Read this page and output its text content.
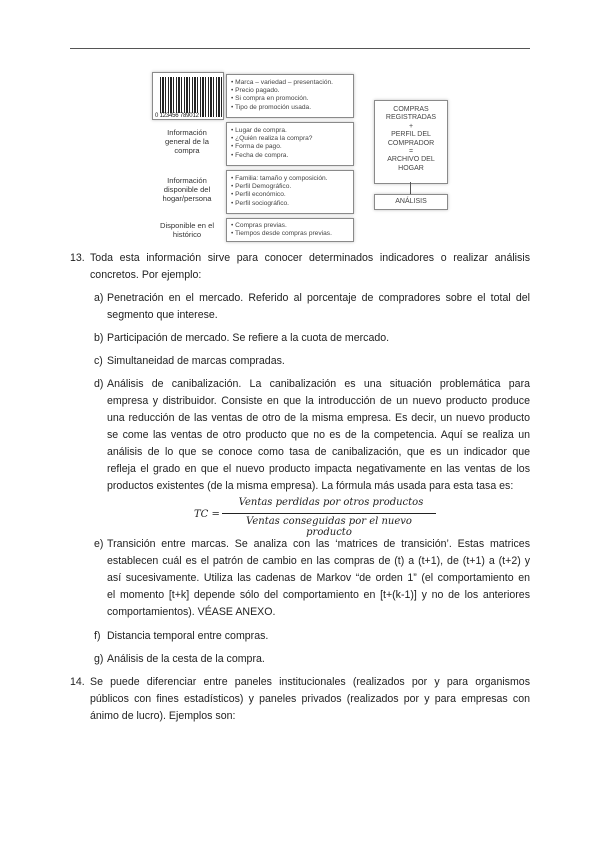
0 123456 789012
• Marca – variedad – presentación.
• Precio pagado.
• Si compra en promoción.
• Tipo de promoción usada.
Información
general de la
compra
• Lugar de compra.
• ¿Quién realiza la compra?
• Forma de pago.
• Fecha de compra.
Información
disponible del
hogar/persona
• Familia: tamaño y composición.
• Perfil Demográfico.
• Perfil económico.
• Perfil sociográfico.
Disponible en el
histórico
• Compras previas.
• Tiempos desde compras previas.
COMPRAS
REGISTRADAS
+
PERFIL DEL
COMPRADOR
=
ARCHIVO DEL
HOGAR
ANÁLISIS
13. Toda esta información sirve para conocer determinados indicadores o realizar análisis
concretos. Por ejemplo:
a) Penetración en el mercado. Referido al porcentaje de compradores sobre el total del
segmento que interese.
b) Participación de mercado. Se refiere a la cuota de mercado.
c) Simultaneidad de marcas compradas.
d) Análisis de canibalización. La canibalización es una situación problemática para
empresa y distribuidor. Consiste en que la introducción de un nuevo producto produce
una reducción de las ventas de otro de la misma empresa. Es decir, un nuevo producto
se come las ventas de otro producto que no es de la competencia. Aquí se realiza un
análisis de lo que se conoce como tasa de canibalización, que es un indicador que
refleja el grado en que el nuevo producto impacta negativamente en las ventas de los
productos existentes (de la misma empresa). La fórmula más usada para esta tasa es:
TC =
Ventas perdidas por otros productos
Ventas conseguidas por el nuevo producto
e) Transición entre marcas. Se analiza con las ‘matrices de transición’. Estas matrices
establecen cuál es el patrón de cambio en las compras de (t) a (t+1), de (t+1) a (t+2) y
así sucesivamente. Utiliza las cadenas de Markov “de orden 1” (el comportamiento en
el momento [t+k] depende sólo del comportamiento en [t+(k-1)] y no de los anteriores
comportamientos). VÉASE ANEXO.
f) Distancia temporal entre compras.
g) Análisis de la cesta de la compra.
14. Se puede diferenciar entre paneles institucionales (realizados por y para organismos
públicos con fines estadísticos) y paneles privados (realizados por y para empresas con
ánimo de lucro). Ejemplos son:
